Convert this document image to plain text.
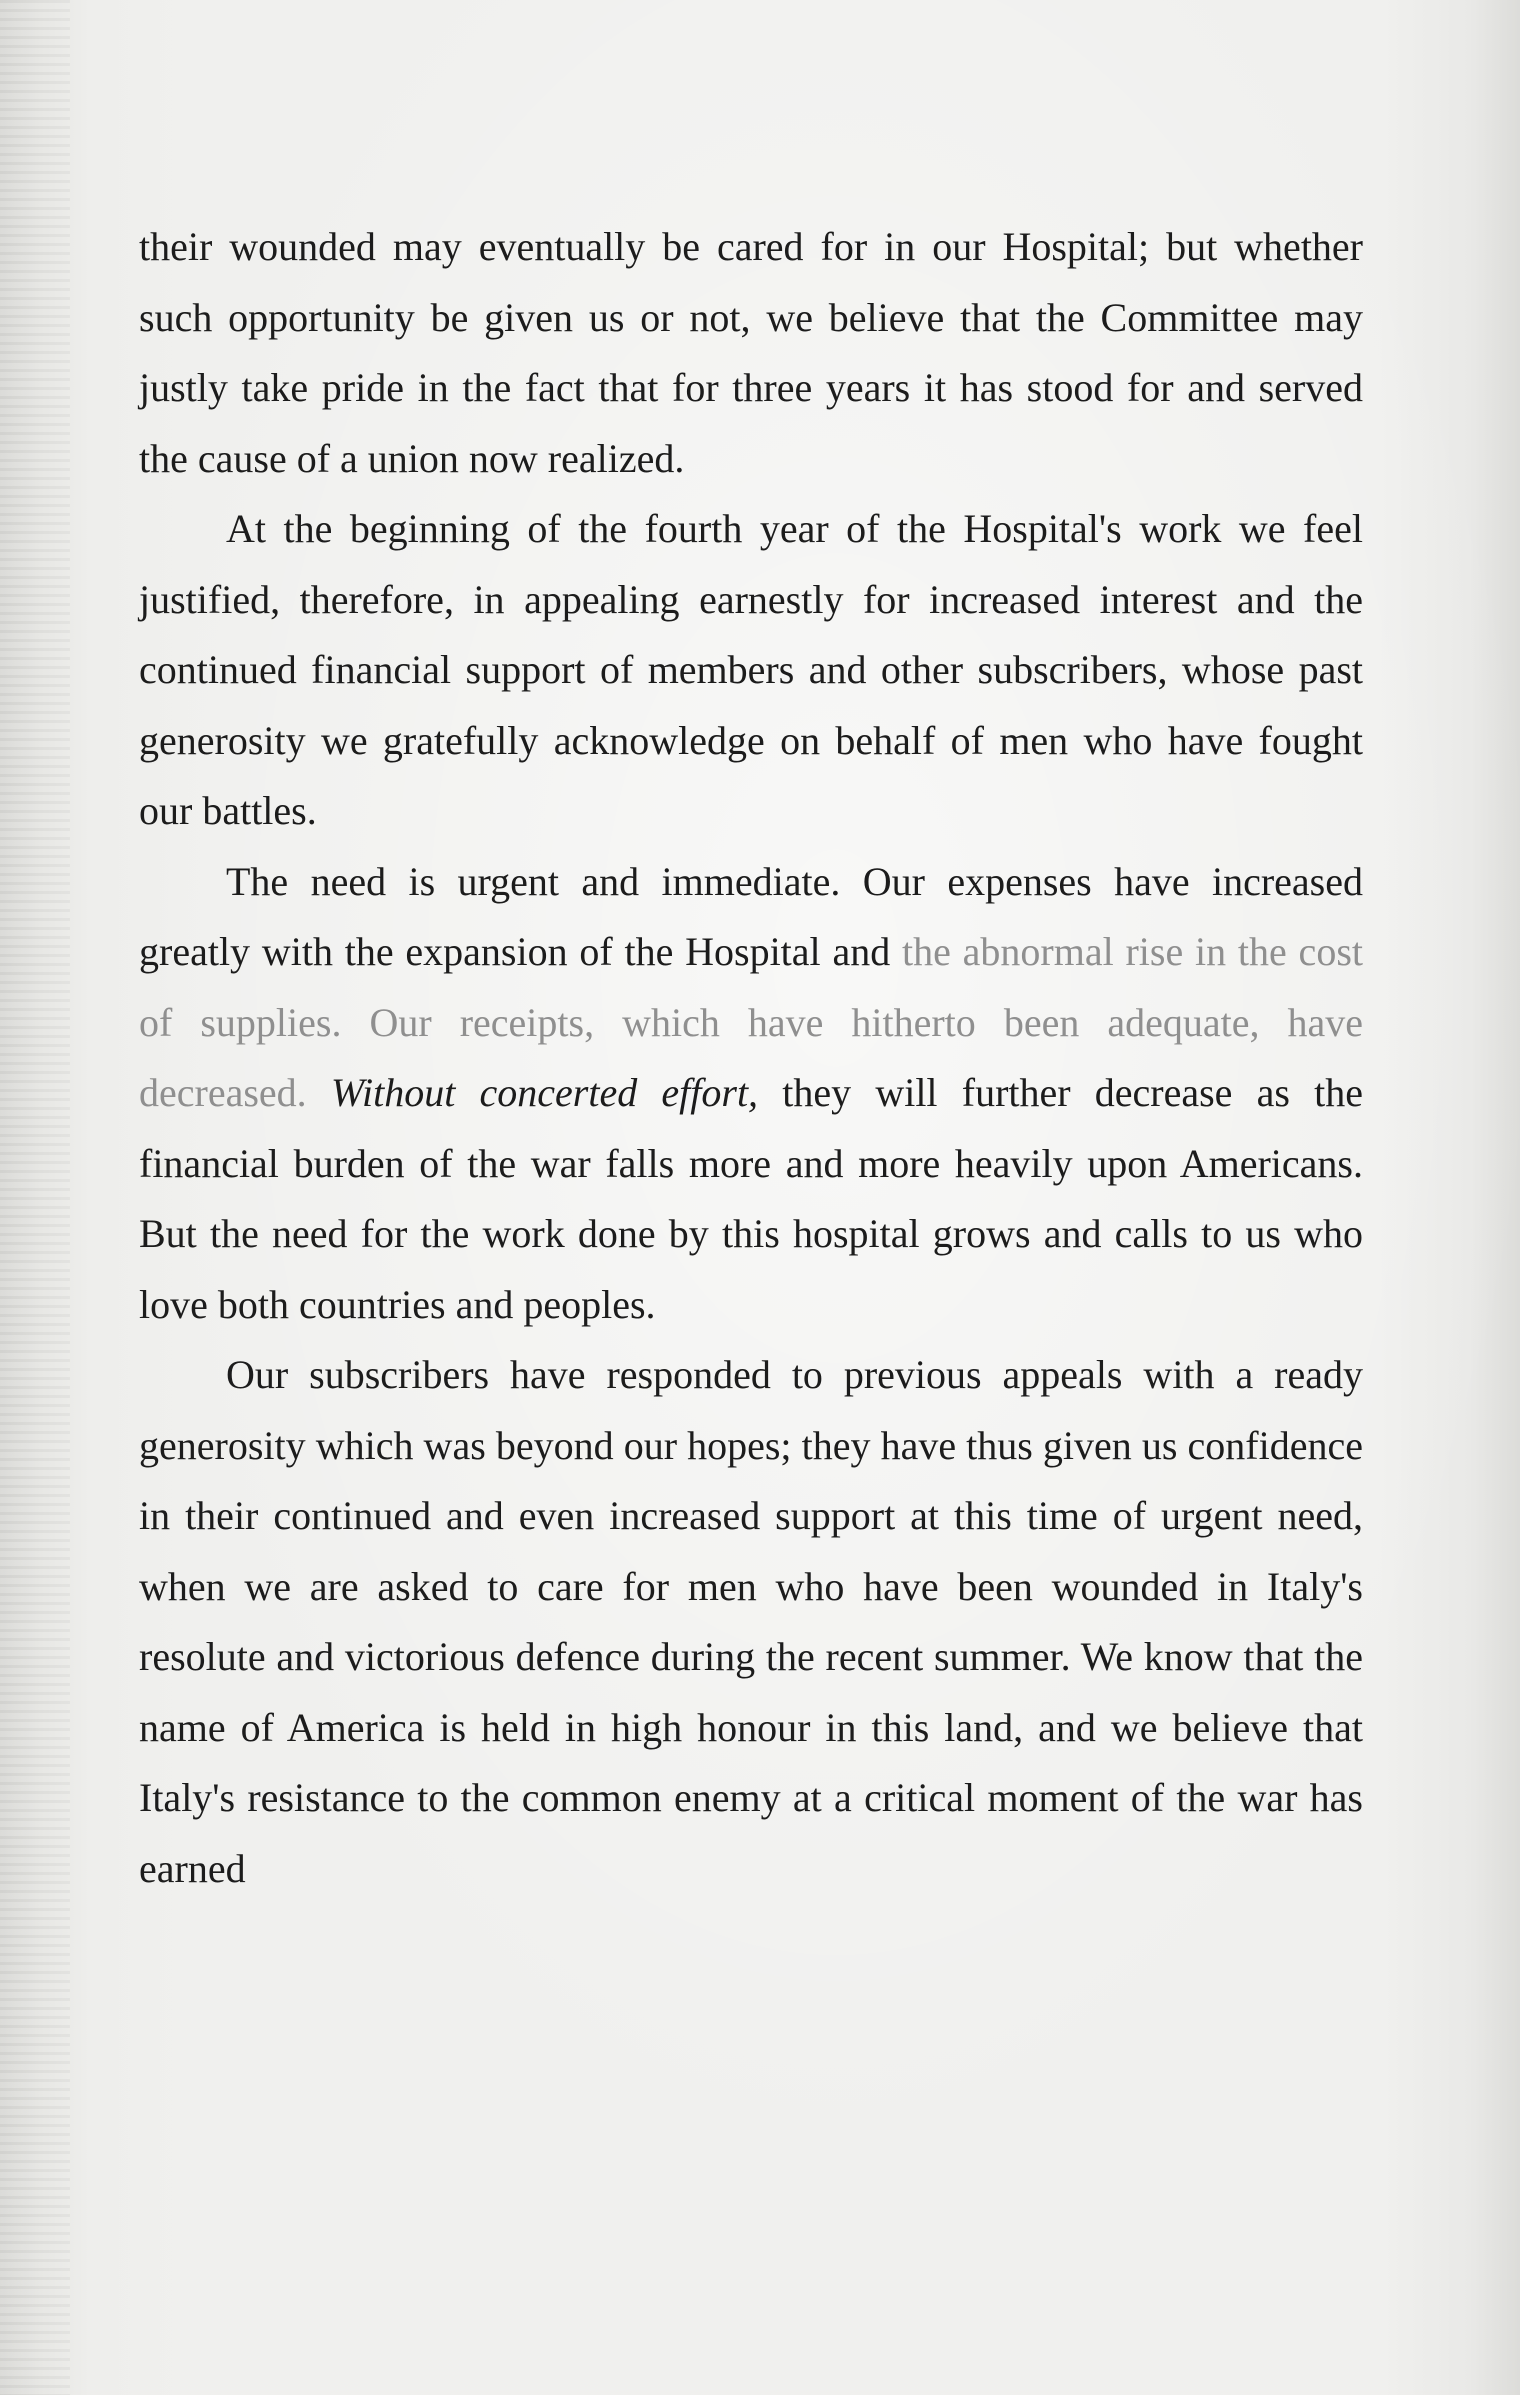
their wounded may eventually be cared for in our Hospital; but whether such opportunity be given us or not, we believe that the Committee may justly take pride in the fact that for three years it has stood for and served the cause of a union now realized.

At the beginning of the fourth year of the Hospital's work we feel justified, therefore, in appealing earnestly for increased interest and the continued financial support of members and other subscribers, whose past generosity we gratefully acknowledge on behalf of men who have fought our battles.

The need is urgent and immediate. Our expenses have increased greatly with the expansion of the Hospital and the abnormal rise in the cost of supplies. Our receipts, which have hitherto been adequate, have decreased. Without concerted effort, they will further decrease as the financial burden of the war falls more and more heavily upon Americans. But the need for the work done by this hospital grows and calls to us who love both countries and peoples.

Our subscribers have responded to previous appeals with a ready generosity which was beyond our hopes; they have thus given us confidence in their continued and even increased support at this time of urgent need, when we are asked to care for men who have been wounded in Italy's resolute and victorious defence during the recent summer. We know that the name of America is held in high honour in this land, and we believe that Italy's resistance to the common enemy at a critical moment of the war has earned
